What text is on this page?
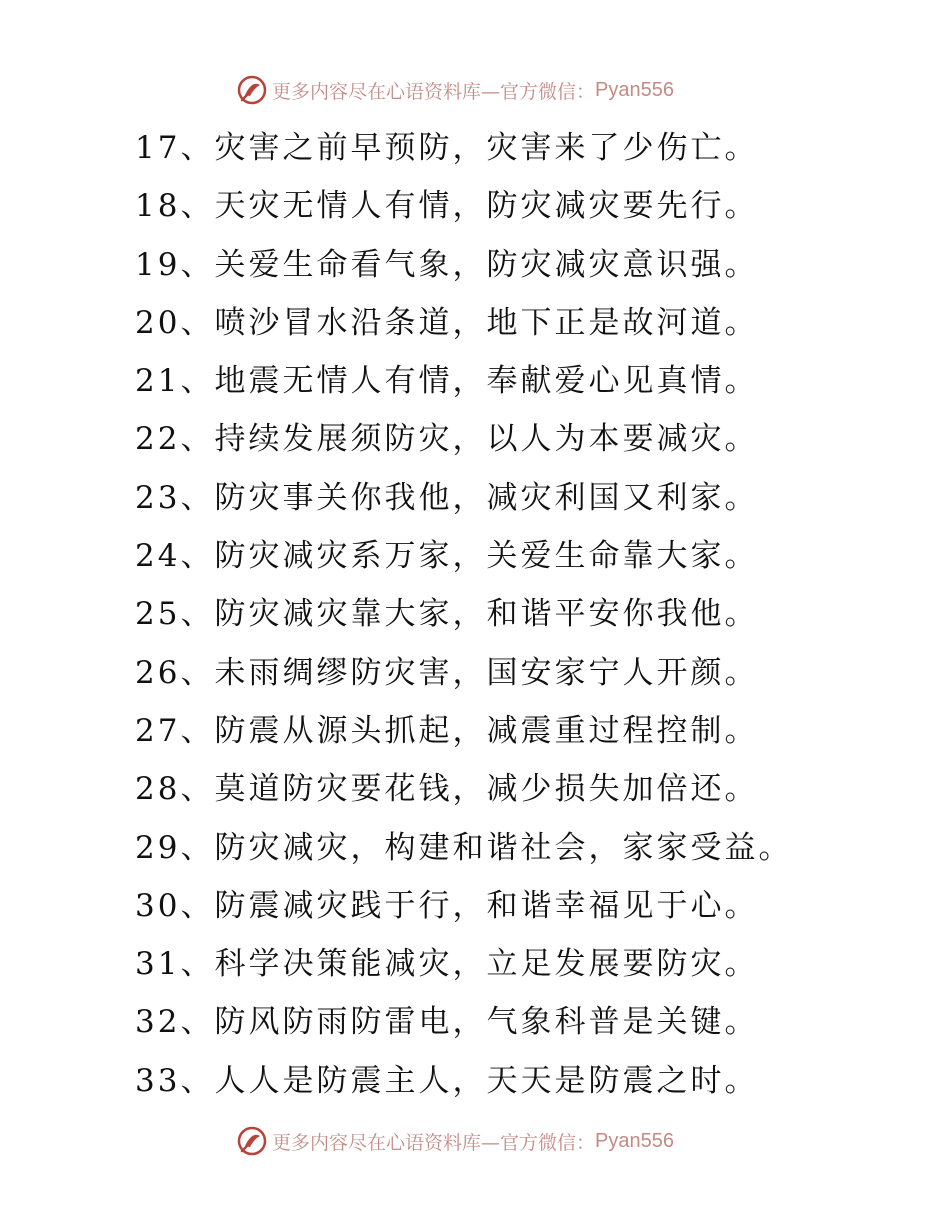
更多内容尽在心语资料库—官方微信： Pyan556
17、灾害之前早预防，灾害来了少伤亡。
18、天灾无情人有情，防灾减灾要先行。
19、关爱生命看气象，防灾减灾意识强。
20、喷沙冒水沿条道，地下正是故河道。
21、地震无情人有情，奉献爱心见真情。
22、持续发展须防灾，以人为本要减灾。
23、防灾事关你我他，减灾利国又利家。
24、防灾减灾系万家，关爱生命靠大家。
25、防灾减灾靠大家，和谐平安你我他。
26、未雨绸缪防灾害，国安家宁人开颜。
27、防震从源头抓起，减震重过程控制。
28、莫道防灾要花钱，减少损失加倍还。
29、防灾减灾，构建和谐社会，家家受益。
30、防震减灾践于行，和谐幸福见于心。
31、科学决策能减灾，立足发展要防灾。
32、防风防雨防雷电，气象科普是关键。
33、人人是防震主人，天天是防震之时。
更多内容尽在心语资料库—官方微信： Pyan556
